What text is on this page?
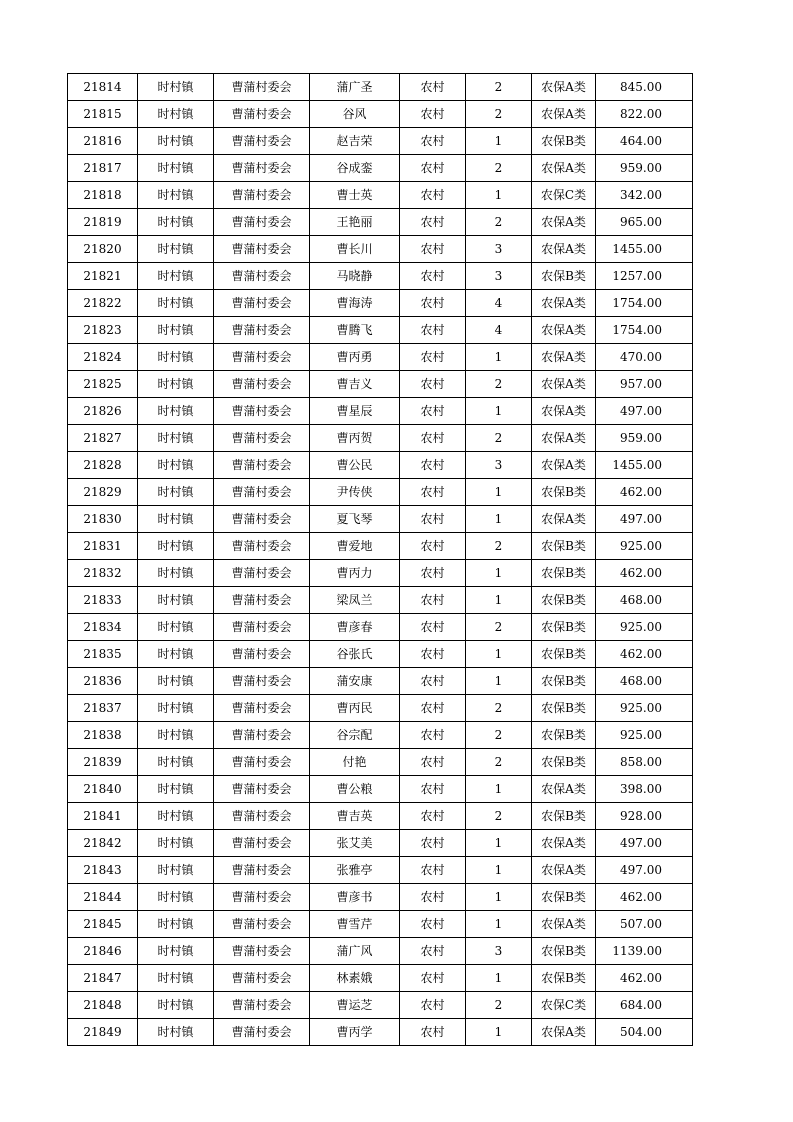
21814	时村镇	曹蒲村委会	蒲广圣	农村	2	农保A类	845.00
21815	时村镇	曹蒲村委会	谷风	农村	2	农保A类	822.00
21816	时村镇	曹蒲村委会	赵吉荣	农村	1	农保B类	464.00
21817	时村镇	曹蒲村委会	谷成銮	农村	2	农保A类	959.00
21818	时村镇	曹蒲村委会	曹士英	农村	1	农保C类	342.00
21819	时村镇	曹蒲村委会	王艳丽	农村	2	农保A类	965.00
21820	时村镇	曹蒲村委会	曹长川	农村	3	农保A类	1455.00
21821	时村镇	曹蒲村委会	马晓静	农村	3	农保B类	1257.00
21822	时村镇	曹蒲村委会	曹海涛	农村	4	农保A类	1754.00
21823	时村镇	曹蒲村委会	曹腾飞	农村	4	农保A类	1754.00
21824	时村镇	曹蒲村委会	曹丙勇	农村	1	农保A类	470.00
21825	时村镇	曹蒲村委会	曹吉义	农村	2	农保A类	957.00
21826	时村镇	曹蒲村委会	曹星辰	农村	1	农保A类	497.00
21827	时村镇	曹蒲村委会	曹丙贺	农村	2	农保A类	959.00
21828	时村镇	曹蒲村委会	曹公民	农村	3	农保A类	1455.00
21829	时村镇	曹蒲村委会	尹传侠	农村	1	农保B类	462.00
21830	时村镇	曹蒲村委会	夏飞琴	农村	1	农保A类	497.00
21831	时村镇	曹蒲村委会	曹爱地	农村	2	农保B类	925.00
21832	时村镇	曹蒲村委会	曹丙力	农村	1	农保B类	462.00
21833	时村镇	曹蒲村委会	梁凤兰	农村	1	农保B类	468.00
21834	时村镇	曹蒲村委会	曹彦春	农村	2	农保B类	925.00
21835	时村镇	曹蒲村委会	谷张氏	农村	1	农保B类	462.00
21836	时村镇	曹蒲村委会	蒲安康	农村	1	农保B类	468.00
21837	时村镇	曹蒲村委会	曹丙民	农村	2	农保B类	925.00
21838	时村镇	曹蒲村委会	谷宗配	农村	2	农保B类	925.00
21839	时村镇	曹蒲村委会	付艳	农村	2	农保B类	858.00
21840	时村镇	曹蒲村委会	曹公粮	农村	1	农保A类	398.00
21841	时村镇	曹蒲村委会	曹吉英	农村	2	农保B类	928.00
21842	时村镇	曹蒲村委会	张艾美	农村	1	农保A类	497.00
21843	时村镇	曹蒲村委会	张雅亭	农村	1	农保A类	497.00
21844	时村镇	曹蒲村委会	曹彦书	农村	1	农保B类	462.00
21845	时村镇	曹蒲村委会	曹雪芹	农村	1	农保A类	507.00
21846	时村镇	曹蒲村委会	蒲广风	农村	3	农保B类	1139.00
21847	时村镇	曹蒲村委会	林素娥	农村	1	农保B类	462.00
21848	时村镇	曹蒲村委会	曹运芝	农村	2	农保C类	684.00
21849	时村镇	曹蒲村委会	曹丙学	农村	1	农保A类	504.00
